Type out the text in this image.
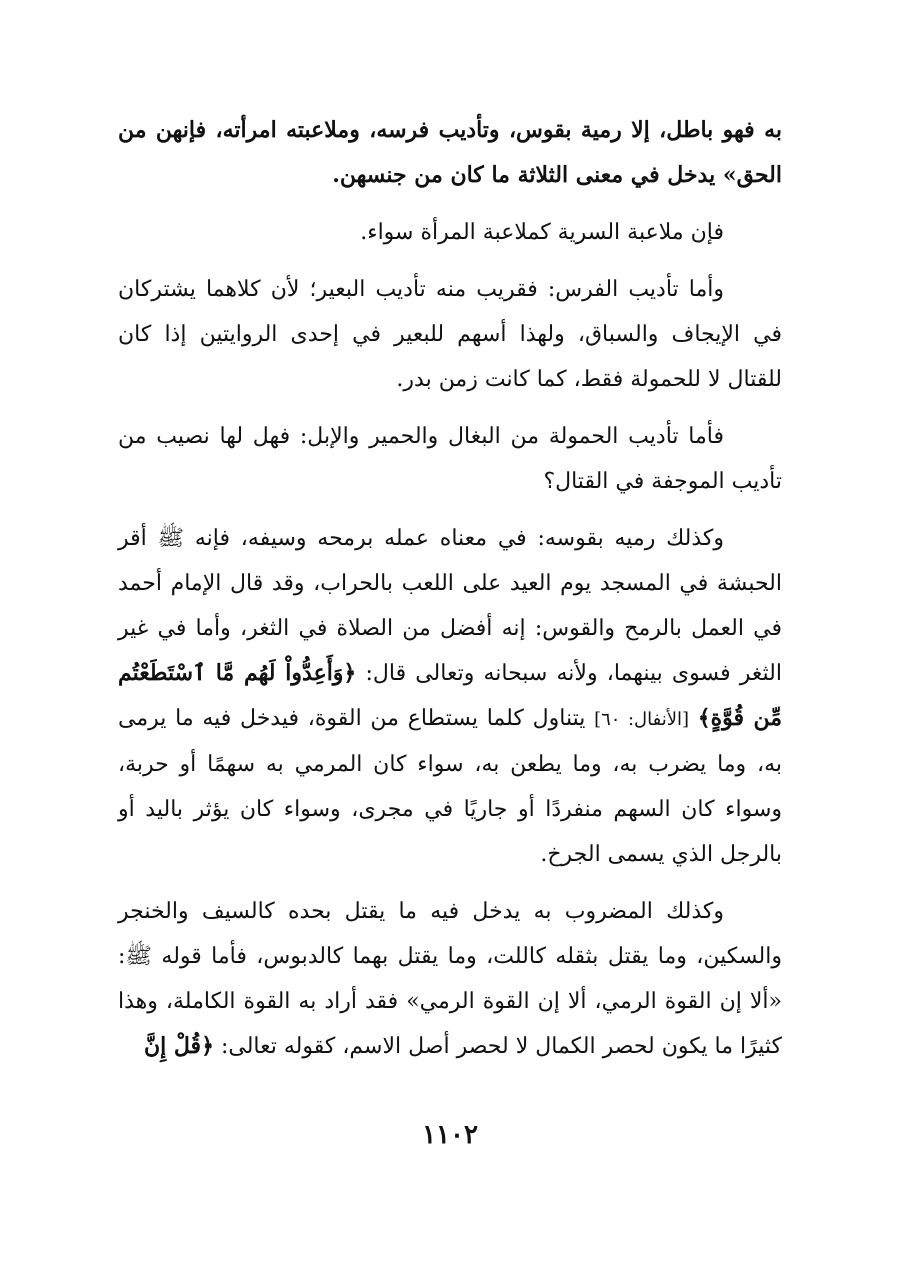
به فهو باطل، إلا رمية بقوس، وتأديب فرسه، وملاعبته امرأته، فإنهن من الحق» يدخل في معنى الثلاثة ما كان من جنسهن.

فإن ملاعبة السرية كملاعبة المرأة سواء.

وأما تأديب الفرس: فقريب منه تأديب البعير؛ لأن كلاهما يشتركان في الإيجاف والسباق، ولهذا أسهم للبعير في إحدى الروايتين إذا كان للقتال لا للحمولة فقط، كما كانت زمن بدر.

فأما تأديب الحمولة من البغال والحمير والإبل: فهل لها نصيب من تأديب الموجفة في القتال؟

وكذلك رميه بقوسه: في معناه عمله برمحه وسيفه، فإنه ﷺ أقر الحبشة في المسجد يوم العيد على اللعب بالحراب، وقد قال الإمام أحمد في العمل بالرمح والقوس: إنه أفضل من الصلاة في الثغر، وأما في غير الثغر فسوى بينهما، ولأنه سبحانه وتعالى قال: ﴿وَأَعِدُّواْ لَهُم مَّا ٱسْتَطَعْتُم مِّن قُوَّةٍ﴾ [الأنفال: ٦٠] يتناول كلما يستطاع من القوة، فيدخل فيه ما يرمى به، وما يضرب به، وما يطعن به، سواء كان المرمي به سهمًا أو حربة، وسواء كان السهم منفردًا أو جاريًا في مجرى، وسواء كان يؤثر باليد أو بالرجل الذي يسمى الجرخ.

وكذلك المضروب به يدخل فيه ما يقتل بحده كالسيف والخنجر والسكين، وما يقتل بثقله كاللت، وما يقتل بهما كالدبوس، فأما قوله ﷺ: «ألا إن القوة الرمي، ألا إن القوة الرمي» فقد أراد به القوة الكاملة، وهذا كثيرًا ما يكون لحصر الكمال لا لحصر أصل الاسم، كقوله تعالى: ﴿قُلْ إِنَّ

١١٠٢
